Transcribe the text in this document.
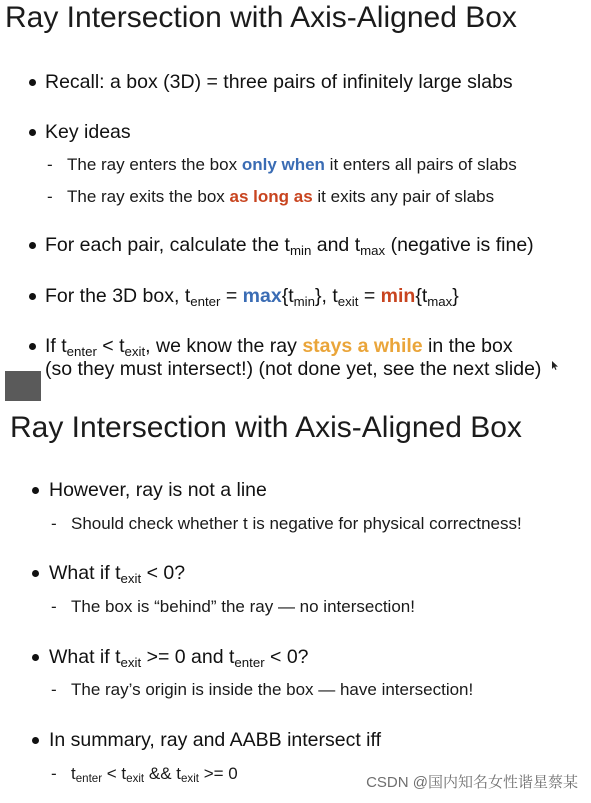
Ray Intersection with Axis-Aligned Box
Recall: a box (3D) = three pairs of infinitely large slabs
Key ideas
- The ray enters the box only when it enters all pairs of slabs
- The ray exits the box as long as it exits any pair of slabs
For each pair, calculate the $t_{min}$ and $t_{max}$ (negative is fine)
For the 3D box, $t_{enter} = \max\{t_{min}\}$, $t_{exit} = \min\{t_{max}\}$
If $t_{enter} < t_{exit}$, we know the ray stays a while in the box
(so they must intersect!) (not done yet, see the next slide)
Ray Intersection with Axis-Aligned Box
However, ray is not a line
- Should check whether t is negative for physical correctness!
What if $t_{exit} < 0$?
- The box is “behind” the ray — no intersection!
What if $t_{exit} >= 0$ and $t_{enter} < 0$?
- The ray’s origin is inside the box — have intersection!
In summary, ray and AABB intersect iff
- $t_{enter} < t_{exit}$ && $t_{exit} >= 0$	CSDN @国内知名女性谐星蔡某
